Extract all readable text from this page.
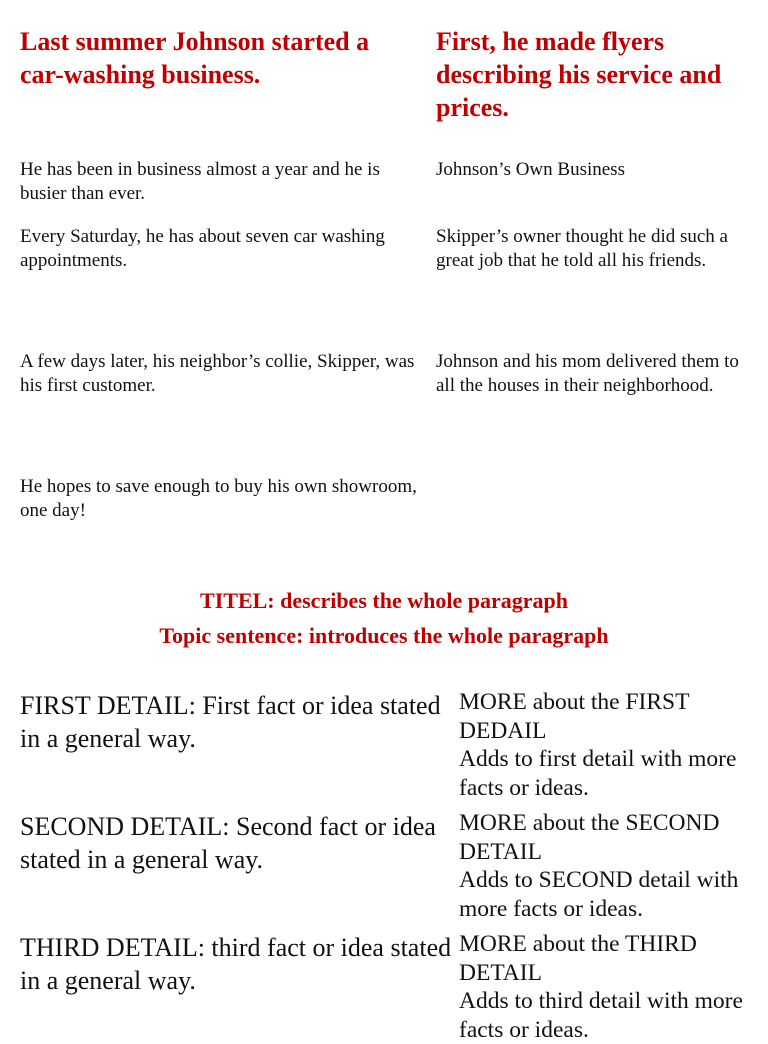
Last summer Johnson started a car-washing business.

First, he made flyers describing his service and prices.

He has been in business almost a year and he is busier than ever.

Every Saturday, he has about seven car washing appointments.

A few days later, his neighbor’s collie, Skipper, was his first customer.

He hopes to save enough to buy his own showroom, one day!

Johnson’s Own Business

Skipper’s owner thought he did such a great job that he told all his friends.

Johnson and his mom delivered them to all the houses in their neighborhood.

TITEL: describes the whole paragraph

Topic sentence: introduces the whole paragraph

FIRST DETAIL: First fact or idea stated in a general way.

MORE about the FIRST DEDAIL
Adds to first detail with more facts or ideas.

SECOND DETAIL: Second fact or idea stated in a general way.

MORE about the SECOND DETAIL
Adds to SECOND detail with more facts or ideas.

THIRD DETAIL: third fact or idea stated in a general way.

MORE about the THIRD DETAIL
Adds to third detail with more facts or ideas.
